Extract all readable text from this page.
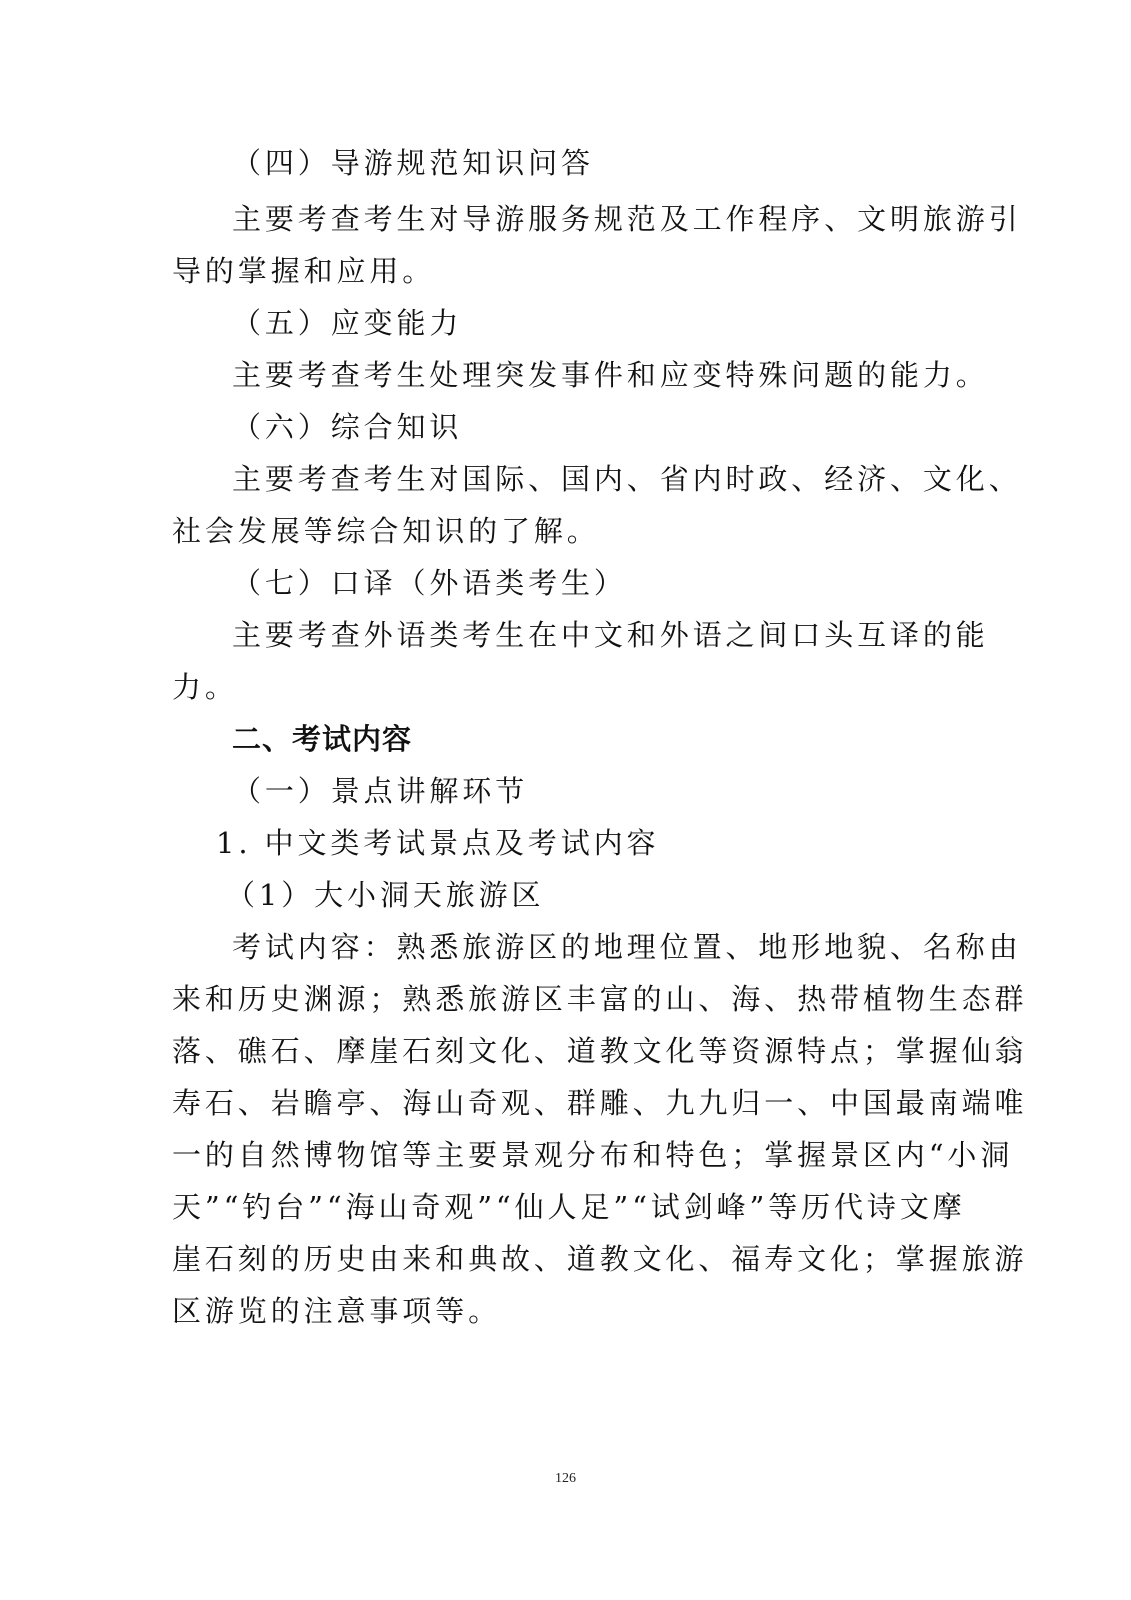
（四）导游规范知识问答
主要考查考生对导游服务规范及工作程序、文明旅游引
导的掌握和应用。
（五）应变能力
主要考查考生处理突发事件和应变特殊问题的能力。
（六）综合知识
主要考查考生对国际、国内、省内时政、经济、文化、
社会发展等综合知识的了解。
（七）口译（外语类考生）
主要考查外语类考生在中文和外语之间口头互译的能
力。
二、考试内容
（一）景点讲解环节
1. 中文类考试景点及考试内容
（1）大小洞天旅游区
考试内容：熟悉旅游区的地理位置、地形地貌、名称由
来和历史渊源；熟悉旅游区丰富的山、海、热带植物生态群
落、礁石、摩崖石刻文化、道教文化等资源特点；掌握仙翁
寿石、岩瞻亭、海山奇观、群雕、九九归一、中国最南端唯
一的自然博物馆等主要景观分布和特色；掌握景区内“小洞
天”“钓台”“海山奇观”“仙人足”“试剑峰”等历代诗文摩
崖石刻的历史由来和典故、道教文化、福寿文化；掌握旅游
区游览的注意事项等。
126
